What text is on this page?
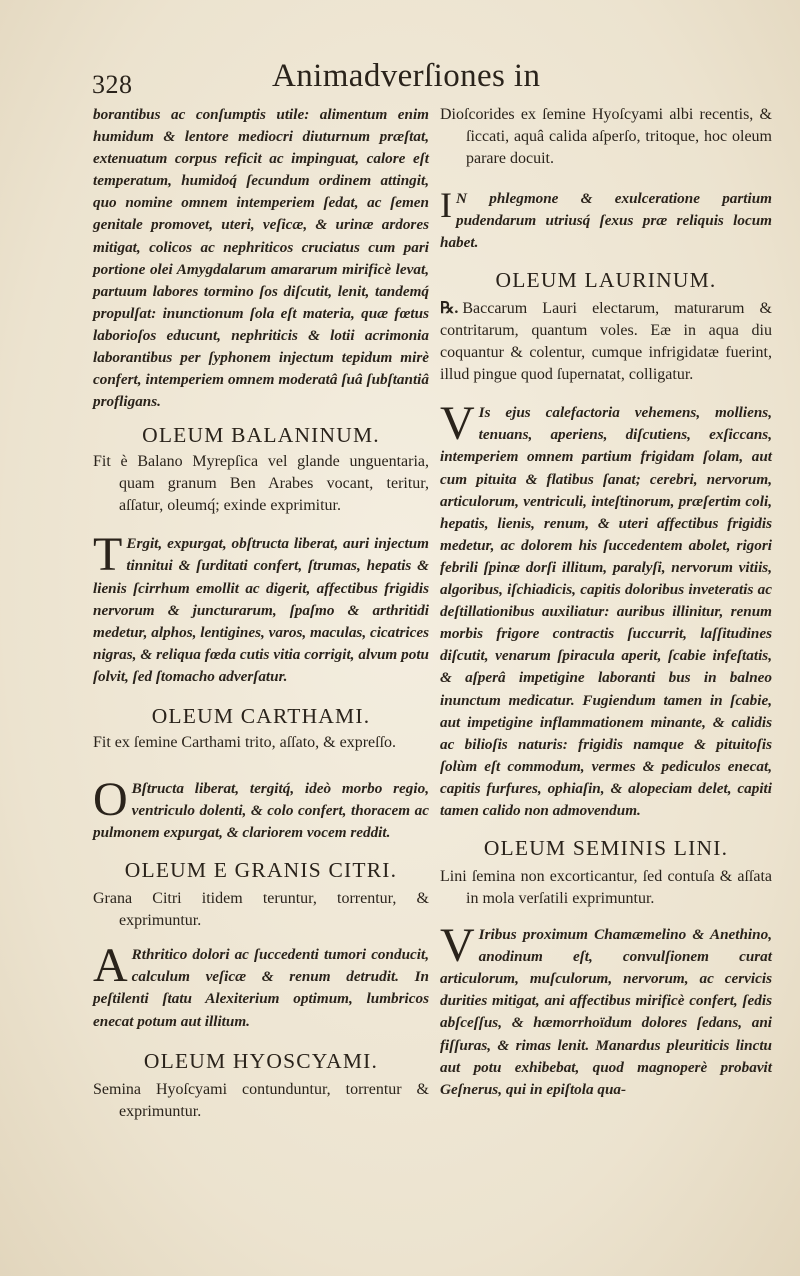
328	Animadverſiones in

borantibus ac conſumptis utile: alimentum enim humidum & lentore mediocri diuturnum præſtat, extenuatum corpus reficit ac impinguat, calore eſt temperatum, humidoq́ ſecundum ordinem attingit, quo nomine omnem intemperiem ſedat, ac ſemen genitale promovet, uteri, veſicæ, & urinæ ardores mitigat, colicos ac nephriticos cruciatus cum pari portione olei Amygdalarum amararum mirificè levat, partuum labores tormino ſos diſcutit, lenit, tandemq́ propulſat: inunctionum ſola eſt materia, quæ fœtus laborioſos educunt, nephriticis & lotii acrimonia laborantibus per ſyphonem injectum tepidum mirè confert, intemperiem omnem moderatâ ſuâ ſubſtantiâ profligans.

OLEUM BALANINUM.

Fit è Balano Myrepſica vel glande unguentaria, quam granum Ben Arabes vocant, teritur, aſſatur, oleumq́; exinde exprimitur.

T Ergit, expurgat, obſtructa liberat, auri injectum tinnitui & ſurditati confert, ſtrumas, hepatis & lienis ſcirrhum emollit ac digerit, affectibus frigidis nervorum & juncturarum, ſpaſmo & arthritidi medetur, alphos, lentigines, varos, maculas, cicatrices nigras, & reliqua fœda cutis vitia corrigit, alvum potu ſolvit, ſed ſtomacho adverſatur.

OLEUM CARTHAMI.

Fit ex ſemine Carthami trito, aſſato, & expreſſo.

O Bſtructa liberat, tergitq́, ideò morbo regio, ventriculo dolenti, & colo confert, thoracem ac pulmonem expurgat, & clariorem vocem reddit.

OLEUM E GRANIS CITRI.

Grana Citri itidem teruntur, torrentur, & exprimuntur.

A Rthritico dolori ac ſuccedenti tumori conducit, calculum veſicæ & renum detrudit. In peſtilenti ſtatu Alexiterium optimum, lumbricos enecat potum aut illitum.

OLEUM HYOSCYAMI.

Semina Hyoſcyami contunduntur, torrentur & exprimuntur.

Dioſcorides ex ſemine Hyoſcyami albi recentis, & ſiccati, aquâ calida aſperſo, tritoque, hoc oleum parare docuit.

I N phlegmone & exulceratione partium pudendarum utriusq́ ſexus præ reliquis locum habet.

OLEUM LAURINUM.

℞. Baccarum Lauri electarum, maturarum & contritarum, quantum voles. Eæ in aqua diu coquantur & colentur, cumque infrigidatæ fuerint, illud pingue quod ſupernatat, colligatur.

V Is ejus calefactoria vehemens, molliens, tenuans, aperiens, diſcutiens, exſiccans, intemperiem omnem partium frigidam ſolam, aut cum pituita & flatibus ſanat; cerebri, nervorum, articulorum, ventriculi, inteſtinorum, præſertim coli, hepatis, lienis, renum, & uteri affectibus frigidis medetur, ac dolorem his ſuccedentem abolet, rigori febrili ſpinæ dorſi illitum, paralyſi, nervorum vitiis, algoribus, iſchiadicis, capitis doloribus inveteratis ac deſtillationibus auxiliatur: auribus illinitur, renum morbis frigore contractis ſuccurrit, laſſitudines diſcutit, venarum ſpiracula aperit, ſcabie infeſtatis, & aſperâ impetigine laboranti bus in balneo inunctum medicatur. Fugiendum tamen in ſcabie, aut impetigine inflammationem minante, & calidis ac bilioſis naturis: frigidis namque & pituitoſis ſolùm eſt commodum, vermes & pediculos enecat, capitis furfures, ophiaſin, & alopeciam delet, capiti tamen calido non admovendum.

OLEUM SEMINIS LINI.

Lini ſemina non excorticantur, ſed contuſa & aſſata in mola verſatili exprimuntur.

V Iribus proximum Chamæmelino & Anethino, anodinum eſt, convulſionem curat articulorum, muſculorum, nervorum, ac cervicis durities mitigat, ani affectibus mirificè confert, ſedis abſceſſus, & hæmorrhoïdum dolores ſedans, ani fiſſuras, & rimas lenit. Manardus pleuriticis linctu aut potu exhibebat, quod magnoperè probavit Geſnerus, qui in epiſtola qua-
